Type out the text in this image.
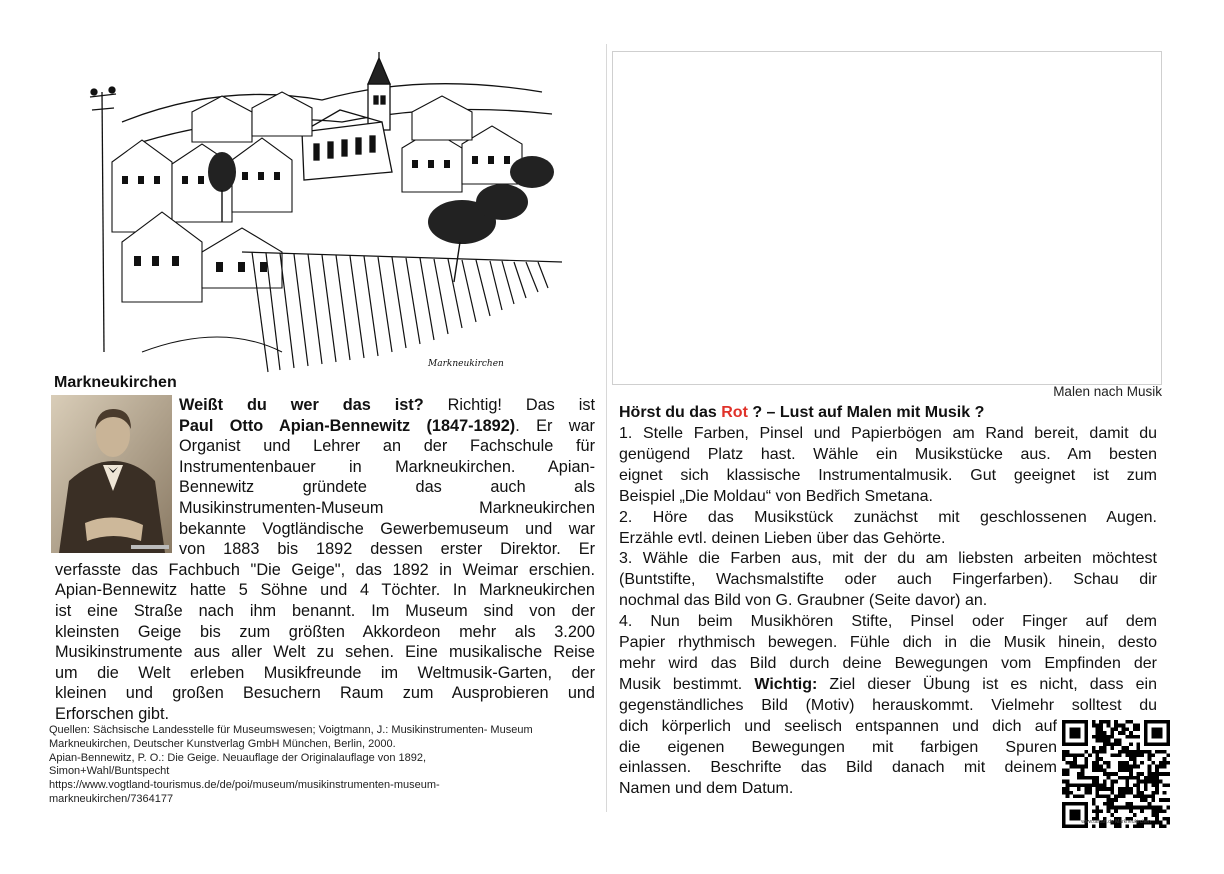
Markneukirchen
Markneukirchen
Weißt du wer das ist? Richtig! Das ist
Paul Otto Apian-Bennewitz (1847-1892). Er war
Organist und Lehrer an der Fachschule für
Instrumentenbauer in Markneukirchen. Apian-
Bennewitz gründete das auch als
Musikinstrumenten-Museum Markneukirchen
bekannte Vogtländische Gewerbemuseum und war
von 1883 bis 1892 dessen erster Direktor. Er
verfasste das Fachbuch "Die Geige", das 1892 in Weimar erschien.
Apian-Bennewitz hatte 5 Söhne und 4 Töchter. In Markneukirchen
ist eine Straße nach ihm benannt. Im Museum sind von der
kleinsten Geige bis zum größten Akkordeon mehr als 3.200
Musikinstrumente aus aller Welt zu sehen. Eine musikalische Reise
um die Welt erleben Musikfreunde im Weltmusik-Garten, der
kleinen und großen Besuchern Raum zum Ausprobieren und
Erforschen gibt.
Quellen: Sächsische Landesstelle für Museumswesen; Voigtmann, J.: Musikinstrumenten- Museum
Markneukirchen, Deutscher Kunstverlag GmbH München, Berlin, 2000.
Apian-Bennewitz, P. O.: Die Geige. Neuauflage der Originalauflage von 1892,
Simon+Wahl/Buntspecht
https://www.vogtland-tourismus.de/de/poi/museum/musikinstrumenten-museum-
markneukirchen/7364177
Malen nach Musik
Hörst du das Rot ? – Lust auf Malen mit Musik ?
1. Stelle Farben, Pinsel und Papierbögen am Rand bereit, damit du
genügend Platz hast. Wähle ein Musikstücke aus. Am besten
eignet sich klassische Instrumentalmusik. Gut geeignet ist zum
Beispiel „Die Moldau“ von Bedřich Smetana.
2. Höre das Musikstück zunächst mit geschlossenen Augen.
Erzähle evtl. deinen Lieben über das Gehörte.
3. Wähle die Farben aus, mit der du am liebsten arbeiten möchtest
(Buntstifte, Wachsmalstifte oder auch Fingerfarben). Schau dir
nochmal das Bild von G. Graubner (Seite davor) an.
4. Nun beim Musikhören Stifte, Pinsel oder Finger auf dem
Papier rhythmisch bewegen. Fühle dich in die Musik hinein, desto
mehr wird das Bild durch deine Bewegungen vom Empfinden der
Musik bestimmt. Wichtig: Ziel dieser Übung ist es nicht, dass ein
gegenständliches Bild (Motiv) herauskommt. Vielmehr solltest du
dich körperlich und seelisch entspannen und dich auf
die eigenen Bewegungen mit farbigen Spuren
einlassen. Beschrifte das Bild danach mit deinem
Namen und dem Datum.
www.talkart.de Markneukirchen
